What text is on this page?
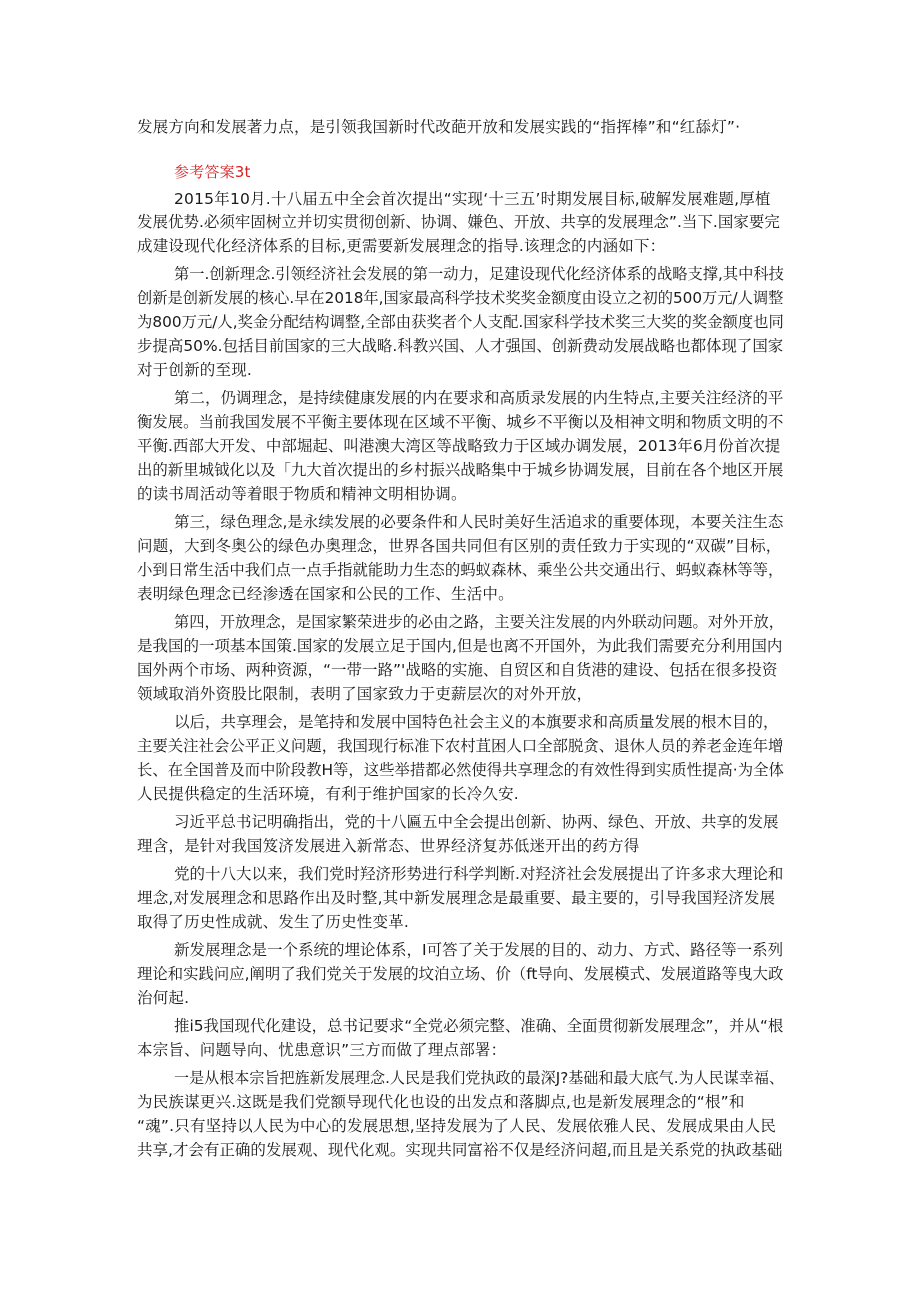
发展方向和发展著力点，是引领我国新时代改葩开放和发展实践的“指挥棒”和“红舔灯”·
参考答案3t
2015年10月.十八届五中全会首次提出“实现‘十三五’时期发展目标,破解发展难题,厚植
发展优势.必须牢固树立并切实贯彻创新、协调、嫌色、开放、共享的发展理念”.当下.国家要完
成建设现代化经济体系的目标,更需要新发展理念的指导.该理念的内涵如下：
第一.创新理念.引领经济社会发展的第一动力，足建设现代化经济体系的战略支撑,其中科技
创新是创新发展的核心.早在2018年,国家最高科学技术奖奖金额度由设立之初的500万元/人调整
为800万元/人,奖金分配结构调整,全部由获奖者个人支配.国家科学技术奖三大奖的奖金额度也同
步提高50%.包括目前国家的三大战略.科教兴国、人才强国、创新费动发展战略也都体现了国家
对于创新的至现.
第二，仍调理念，是持续健康发展的内在要求和高质录发展的内生特点,主要关注经济的平
衡发展。当前我国发展不平衡主要体现在区域不平衡、城乡不平衡以及相神文明和物质文明的不
平衡.西部大开发、中部堀起、叫港澳大湾区等战略致力于区域办调发展，2013年6月份首次提
出的新里城钺化以及「九大首次提出的乡村振兴战略集中于城乡协调发展，目前在各个地区开展
的读书周活动等着眼于物质和精神文明相协调。
第三，绿色理念,是永续发展的必要条件和人民时美好生活追求的重要体现，本要关注生态
问题，大到冬奥公的绿色办奥理念，世界各国共同但有区别的责任致力于实现的“双碳”目标，
小到日常生活中我们点一点手指就能助力生态的蚂蚁森林、乘坐公共交通出行、蚂蚁森林等等，
表明绿色理念已经渗透在国家和公民的工作、生活中。
第四，开放理念，是国家繁荣进步的必由之路，主要关注发展的内外联动问题。对外开放，
是我国的一项基本国策.国家的发展立足于国内,但是也离不开国外，为此我们需要充分利用国内
国外两个市场、两种资源，“一带一路”'战略的实施、自贸区和自货港的建设、包括在很多投资
领域取消外资股比限制，表明了国家致力于吏薪层次的对外开放，
以后，共享理会，是笔持和发展中国特色社会主义的本旗要求和高质量发展的根木目的，
主要关注社会公平正义问题，我国现行标准下农村苴困人口全部脱贪、退休人员的养老金连年增
长、在全国普及而中阶段教H等，这些举措都必然使得共享理念的有效性得到实质性提高·为全体
人民提供稳定的生活环境，有利于维护国家的长冷久安.
习近平总书记明确指出，党的十八匾五中全会提出创新、协两、绿色、开放、共享的发展
理含，是针对我国笈济发展进入新常态、世界经济复苏低迷开出的药方得
党的十八大以来，我们党时羟济形势进行科学判断.对羟济社会发展提出了许多求大理论和
埋念,对发展理念和思路作出及时整,其中新发展理念是最重要、最主要的，引导我国羟济发展
取得了历史性成就、发生了历史性变革.
新发展理念是一个系统的埋论体系，I可答了关于发展的目的、动力、方式、路径等一系列
理论和实践问应,阐明了我们党关于发展的坟泊立场、价（ft导向、发展模式、发展道路等曳大政
治何起.
推i5我国现代化建设，总书记要求“全党必须完整、准确、全面贯彻新发展理念”，并从“根
本宗旨、问题导向、忧患意识”三方而做了理点部署：
一是从根本宗旨把旌新发展理念.人民是我们党执政的最深J?基础和最大底气.为人民谋幸福、
为民族谋更兴.这既是我们党额导现代化也设的出发点和落脚点,也是新发展理念的“根”和
“魂”.只有坚持以人民为中心的发展思想,坚持发展为了人民、发展依雅人民、发展成果由人民
共享,才会有正确的发展观、现代化观。实现共同富裕不仅是经济问超,而且是关系党的执政基础
